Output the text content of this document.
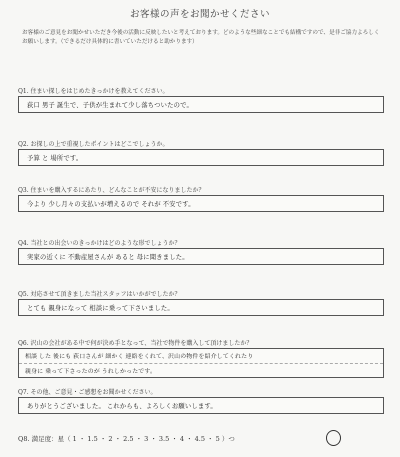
お客様の声をお聞かせください
お客様のご意見をお聞かせいただき今後の活動に反映したいと考えております。どのような些細なことでも結構ですので、是非ご協力よろしくお願いします。（できるだけ具体的に書いていただけると助かります）
Q1. 住まい探しをはじめたきっかけを教えてください。
荻口 男子 誕生で、子供が生まれて少し落ちついたので。
Q2. お探しの上で重視したポイントはどこでしょうか。
予算 と 場所です。
Q3. 住まいを購入するにあたり、どんなことが不安になりましたか？
今より 少し月々の支払いが増えるので それが 不安です。
Q4. 当社との出会いのきっかけはどのような形でしょうか？
実家の近くに 不動産屋さんが あると 母に聞きました。
Q5. 対応させて頂きました当社スタッフはいかがでしたか？
とても 親身になって 相談に乗って下さいました。
Q6. 沢山の会社がある中で何が決め手となって、当社で物件を購入して頂けましたか？
相談 した 後にも 荻口さんが 細かく 連絡をくれて、沢山の物件を紹介してくれたり
親身に 乗って下さったのが うれしかったです。
Q7. その他、ご意見・ご感想をお聞かせください。
ありがとうございました。 これからも、よろしくお願いします。
Q8. 満足度：星（ 1 ・ 1.5 ・ 2 ・ 2.5 ・ 3 ・ 3.5 ・ 4 ・ 4.5 ・ 5 ）つ
